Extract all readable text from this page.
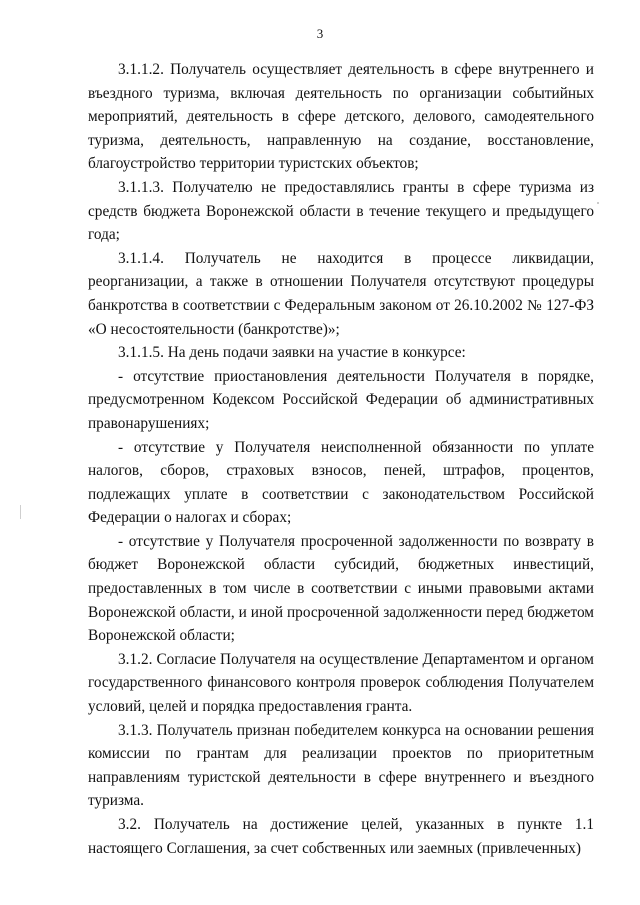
3

3.1.1.2. Получатель осуществляет деятельность в сфере внутреннего и въездного туризма, включая деятельность по организации событийных мероприятий, деятельность в сфере детского, делового, самодеятельного туризма, деятельность, направленную на создание, восстановление, благоустройство территории туристских объектов;

3.1.1.3. Получателю не предоставлялись гранты в сфере туризма из средств бюджета Воронежской области в течение текущего и предыдущего года;

3.1.1.4. Получатель не находится в процессе ликвидации, реорганизации, а также в отношении Получателя отсутствуют процедуры банкротства в соответствии с Федеральным законом от 26.10.2002 № 127-ФЗ «О несостоятельности (банкротстве)»;

3.1.1.5. На день подачи заявки на участие в конкурсе:

- отсутствие приостановления деятельности Получателя в порядке, предусмотренном Кодексом Российской Федерации об административных правонарушениях;

- отсутствие у Получателя неисполненной обязанности по уплате налогов, сборов, страховых взносов, пеней, штрафов, процентов, подлежащих уплате в соответствии с законодательством Российской Федерации о налогах и сборах;

- отсутствие у Получателя просроченной задолженности по возврату в бюджет Воронежской области субсидий, бюджетных инвестиций, предоставленных в том числе в соответствии с иными правовыми актами Воронежской области, и иной просроченной задолженности перед бюджетом Воронежской области;

3.1.2. Согласие Получателя на осуществление Департаментом и органом государственного финансового контроля проверок соблюдения Получателем условий, целей и порядка предоставления гранта.

3.1.3. Получатель признан победителем конкурса на основании решения комиссии по грантам для реализации проектов по приоритетным направлениям туристской деятельности в сфере внутреннего и въездного туризма.

3.2. Получатель на достижение целей, указанных в пункте 1.1 настоящего Соглашения, за счет собственных или заемных (привлеченных)
